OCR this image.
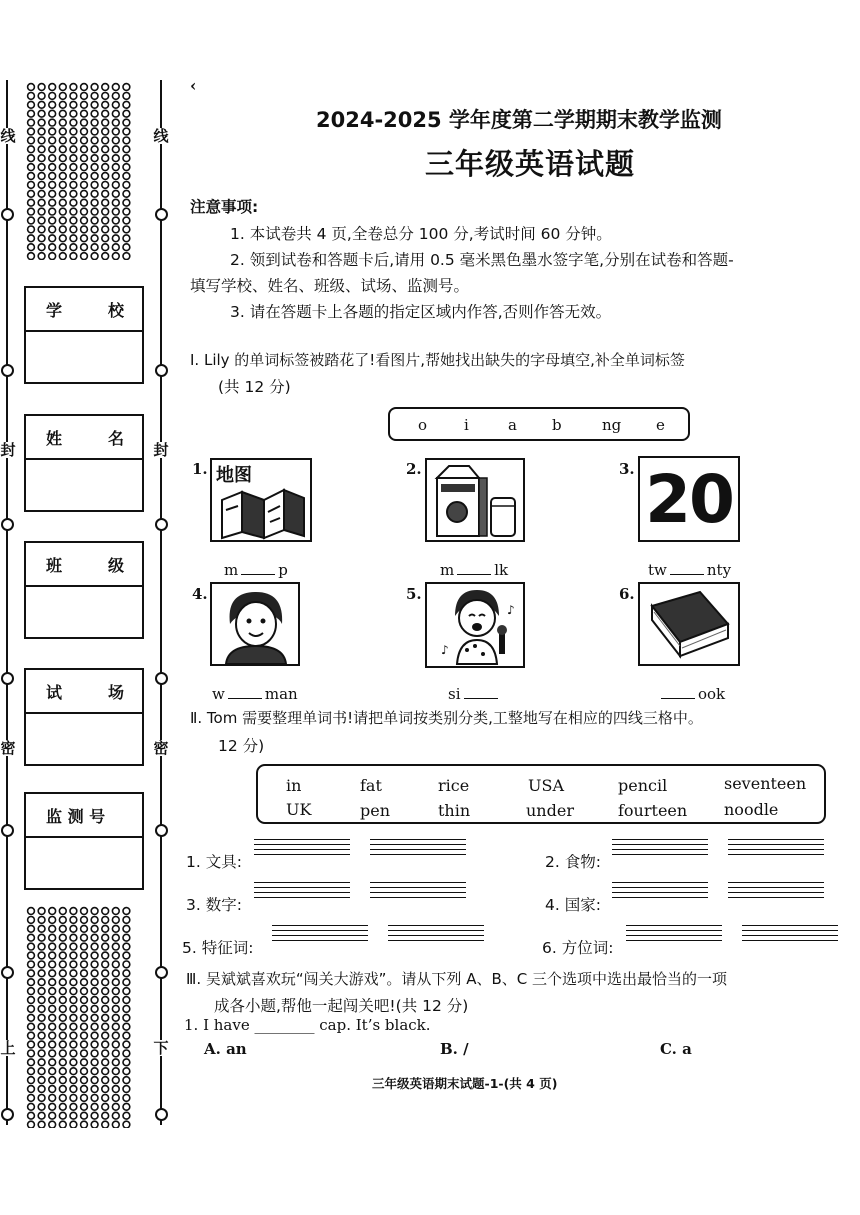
线
封
密
上
线
封
密
下
学	校
姓	名
班	级
试	场
监 测 号
‹
2024-2025 学年度第二学期期末教学监测
三年级英语试题
注意事项:
1. 本试卷共 4 页,全卷总分 100 分,考试时间 60 分钟。
2. 领到试卷和答题卡后,请用 0.5 毫米黑色墨水签字笔,分别在试卷和答题-
填写学校、姓名、班级、试场、监测号。
3. 请在答题卡上各题的指定区域内作答,否则作答无效。
Ⅰ. Lily 的单词标签被踏花了!看图片,帮她找出缺失的字母填空,补全单词标签
(共 12 分)
o i	a b	ng e
1. 地图
m	p
2.
m	lk
3. 20
tw	nty
4.
w	man
5.
♪
♪
si
6.
ook
Ⅱ. Tom 需要整理单词书!请把单词按类别分类,工整地写在相应的四线三格中。
12 分)
in	fat	rice	USA	pencil	seventeen
UK	pen	thin	under	fourteen noodle
1. 文具:	2. 食物:
3. 数字:	4. 国家:
5. 特征词:	6. 方位词:
Ⅲ. 吴斌斌喜欢玩“闯关大游戏”。请从下列 A、B、C 三个选项中选出最恰当的一项
成各小题,帮他一起闯关吧!(共 12 分)
1. I have ________ cap. It’s black.
A. an	B. /	C. a
三年级英语期末试题-1-(共 4 页)
